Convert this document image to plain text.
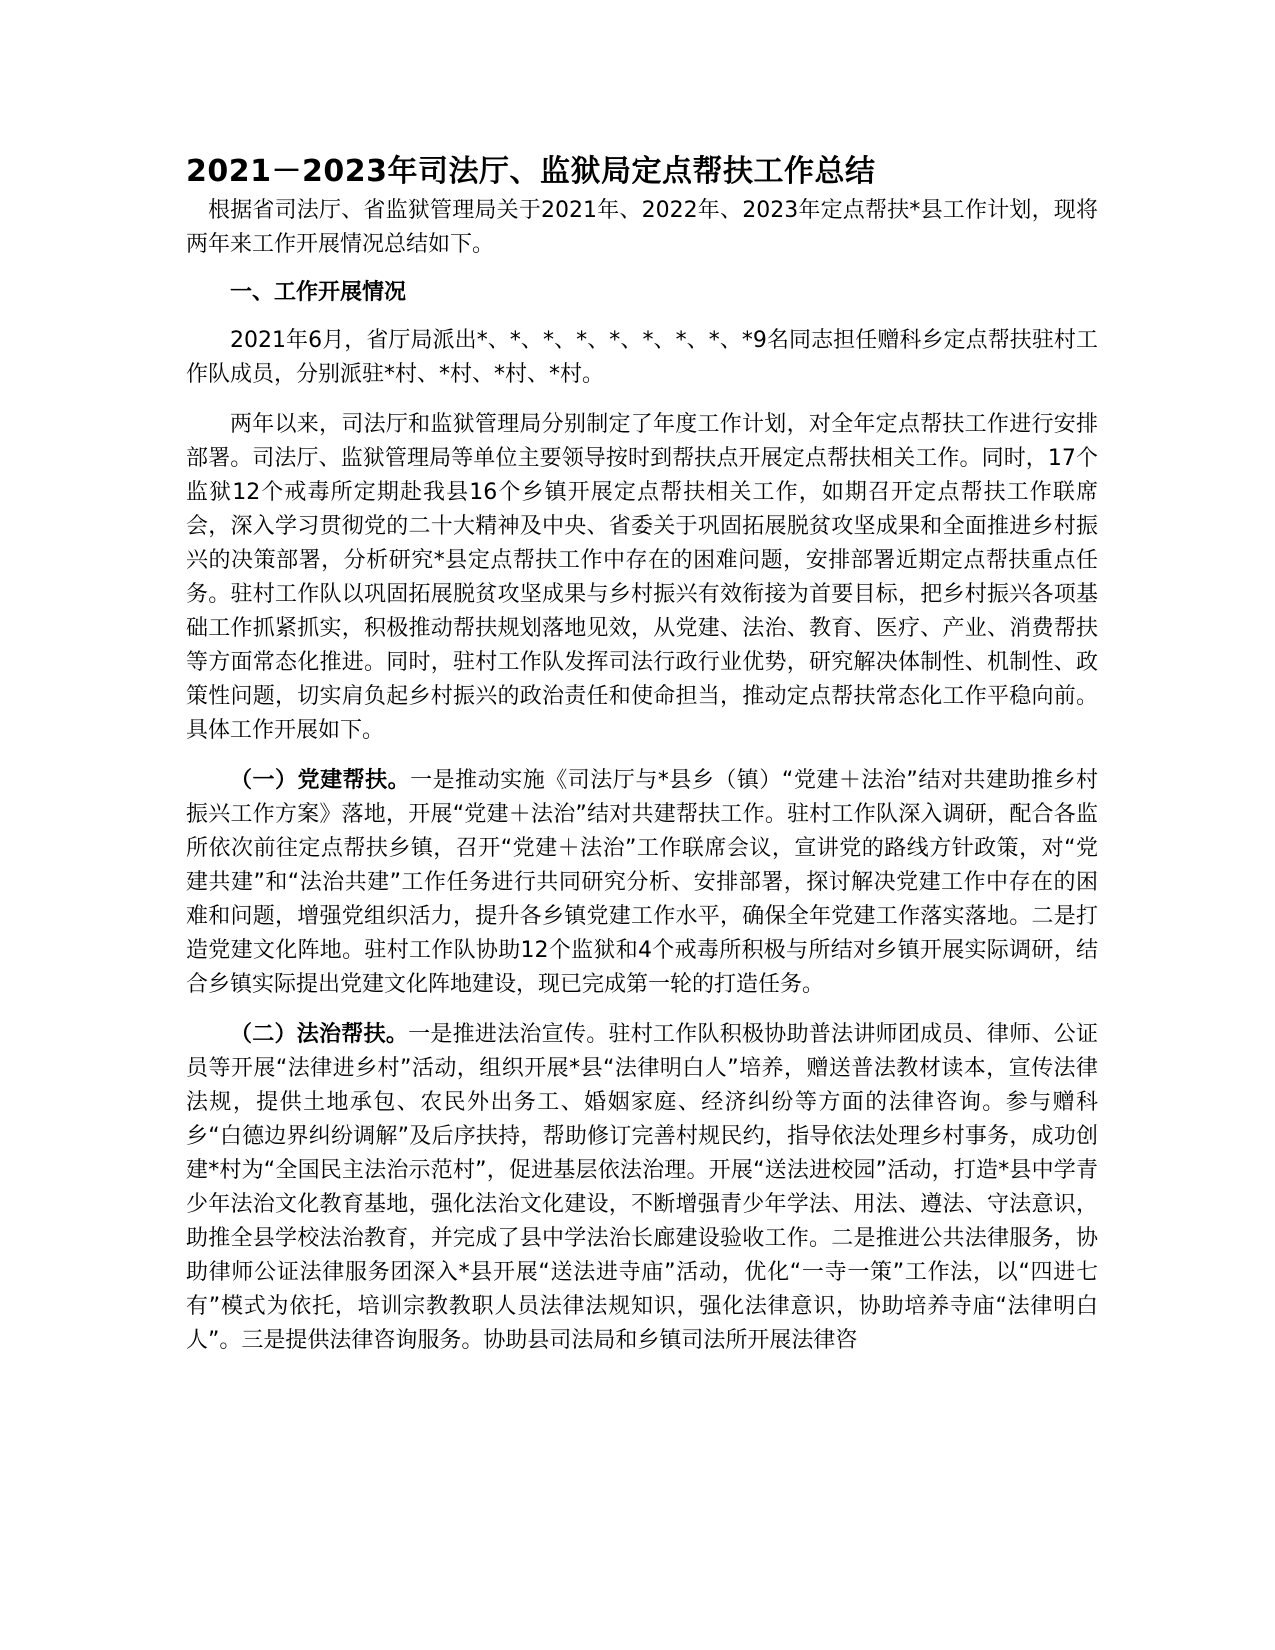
2021－2023年司法厅、监狱局定点帮扶工作总结

根据省司法厅、省监狱管理局关于2021年、2022年、2023年定点帮扶*县工作计划，现将两年来工作开展情况总结如下。

一、工作开展情况

2021年6月，省厅局派出*、*、*、*、*、*、*、*、*9名同志担任赠科乡定点帮扶驻村工作队成员，分别派驻*村、*村、*村、*村。

两年以来，司法厅和监狱管理局分别制定了年度工作计划，对全年定点帮扶工作进行安排部署。司法厅、监狱管理局等单位主要领导按时到帮扶点开展定点帮扶相关工作。同时，17个监狱12个戒毒所定期赴我县16个乡镇开展定点帮扶相关工作，如期召开定点帮扶工作联席会，深入学习贯彻党的二十大精神及中央、省委关于巩固拓展脱贫攻坚成果和全面推进乡村振兴的决策部署，分析研究*县定点帮扶工作中存在的困难问题，安排部署近期定点帮扶重点任务。驻村工作队以巩固拓展脱贫攻坚成果与乡村振兴有效衔接为首要目标，把乡村振兴各项基础工作抓紧抓实，积极推动帮扶规划落地见效，从党建、法治、教育、医疗、产业、消费帮扶等方面常态化推进。同时，驻村工作队发挥司法行政行业优势，研究解决体制性、机制性、政策性问题，切实肩负起乡村振兴的政治责任和使命担当，推动定点帮扶常态化工作平稳向前。具体工作开展如下。

（一）党建帮扶。一是推动实施《司法厅与*县乡（镇）“党建＋法治”结对共建助推乡村振兴工作方案》落地，开展“党建＋法治”结对共建帮扶工作。驻村工作队深入调研，配合各监所依次前往定点帮扶乡镇，召开“党建＋法治”工作联席会议，宣讲党的路线方针政策，对“党建共建”和“法治共建”工作任务进行共同研究分析、安排部署，探讨解决党建工作中存在的困难和问题，增强党组织活力，提升各乡镇党建工作水平，确保全年党建工作落实落地。二是打造党建文化阵地。驻村工作队协助12个监狱和4个戒毒所积极与所结对乡镇开展实际调研，结合乡镇实际提出党建文化阵地建设，现已完成第一轮的打造任务。

（二）法治帮扶。一是推进法治宣传。驻村工作队积极协助普法讲师团成员、律师、公证员等开展“法律进乡村”活动，组织开展*县“法律明白人”培养，赠送普法教材读本，宣传法律法规，提供土地承包、农民外出务工、婚姻家庭、经济纠纷等方面的法律咨询。参与赠科乡“白德边界纠纷调解”及后序扶持，帮助修订完善村规民约，指导依法处理乡村事务，成功创建*村为“全国民主法治示范村”，促进基层依法治理。开展“送法进校园”活动，打造*县中学青少年法治文化教育基地，强化法治文化建设，不断增强青少年学法、用法、遵法、守法意识，助推全县学校法治教育，并完成了县中学法治长廊建设验收工作。二是推进公共法律服务，协助律师公证法律服务团深入*县开展“送法进寺庙”活动，优化“一寺一策”工作法，以“四进七有”模式为依托，培训宗教教职人员法律法规知识，强化法律意识，协助培养寺庙“法律明白人”。三是提供法律咨询服务。协助县司法局和乡镇司法所开展法律咨
